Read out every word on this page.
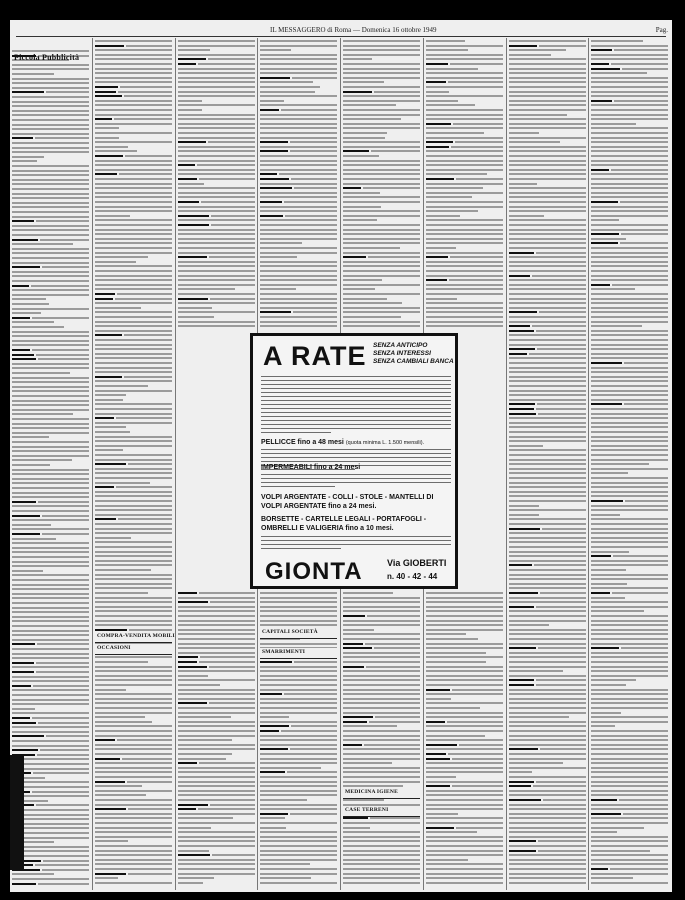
IL MESSAGGERO di Roma — Domenica 16 ottobre 1949	Pag.
COMPRA-VENDITA MOBILI
OCCASIONI
CAPITALI SOCIETÀ
SMARRIMENTI
MEDICINA IGIENE
CASE TERRENI
Piccola Pubblicità
A RATE SENZA ANTICIPO
SENZA INTERESSI
SENZA CAMBIALI BANCA
PELLICCE fino a 48 mesi (quota minima L. 1.500 mensili).
IMPERMEABILI fino a 24 mesi
VOLPI ARGENTATE - COLLI - STOLE - MANTELLI DI VOLPI ARGENTATE fino a 24 mesi.
BORSETTE - CARTELLE LEGALI - PORTAFOGLI - OMBRELLI E VALIGERIA fino a 10 mesi.
GIONTA	Via GIOBERTI
n. 40 - 42 - 44
